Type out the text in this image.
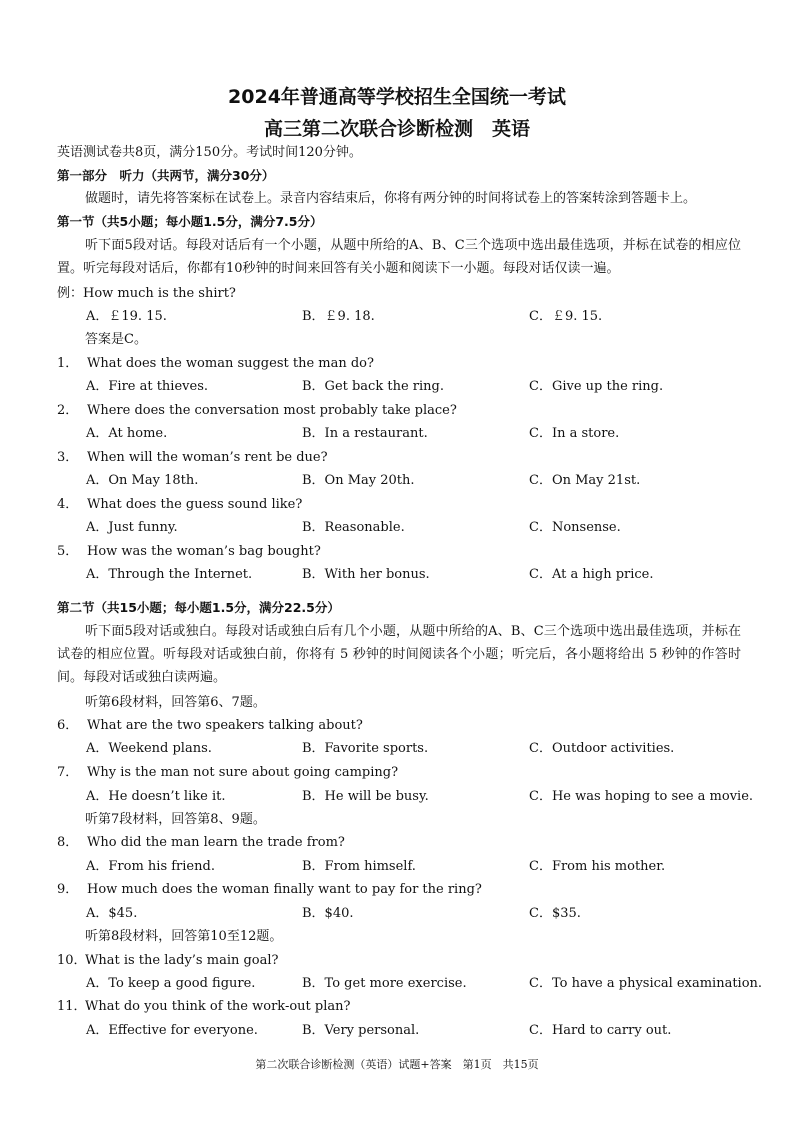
2024年普通高等学校招生全国统一考试
高三第二次联合诊断检测　英语
英语测试卷共8页，满分150分。考试时间120分钟。
第一部分　听力（共两节，满分30分）
做题时，请先将答案标在试卷上。录音内容结束后，你将有两分钟的时间将试卷上的答案转涂到答题卡上。
第一节（共5小题；每小题1.5分，满分7.5分）
听下面5段对话。每段对话后有一个小题，从题中所给的A、B、C三个选项中选出最佳选项，并标在试卷的相应位置。听完每段对话后，你都有10秒钟的时间来回答有关小题和阅读下一小题。每段对话仅读一遍。
例：How much is the shirt?
A．￡19. 15.	B．￡9. 18.	C．￡9. 15.
答案是C。
1． What does the woman suggest the man do?
A．Fire at thieves.	B．Get back the ring.	C．Give up the ring.
2． Where does the conversation most probably take place?
A．At home.	B．In a restaurant.	C．In a store.
3． When will the woman’s rent be due?
A．On May 18th.	B．On May 20th.	C．On May 21st.
4． What does the guess sound like?
A．Just funny.	B．Reasonable.	C．Nonsense.
5． How was the woman’s bag bought?
A．Through the Internet.	B．With her bonus.	C．At a high price.
第二节（共15小题；每小题1.5分，满分22.5分）
听下面5段对话或独白。每段对话或独白后有几个小题，从题中所给的A、B、C三个选项中选出最佳选项，并标在试卷的相应位置。听每段对话或独白前，你将有 5 秒钟的时间阅读各个小题；听完后，各小题将给出 5 秒钟的作答时间。每段对话或独白读两遍。
听第6段材料，回答第6、7题。
6． What are the two speakers talking about?
A．Weekend plans.	B．Favorite sports.	C．Outdoor activities.
7． Why is the man not sure about going camping?
A．He doesn’t like it.	B．He will be busy.	C．He was hoping to see a movie.
听第7段材料，回答第8、9题。
8． Who did the man learn the trade from?
A．From his friend.	B．From himself.	C．From his mother.
9． How much does the woman finally want to pay for the ring?
A．$45.	B．$40.	C．$35.
听第8段材料，回答第10至12题。
10．
What is the lady’s main goal?
A．To keep a good figure.	B．To get more exercise.	C．To have a physical examination.
11．
What do you think of the work-out plan?
A．Effective for everyone.	B．Very personal.	C．Hard to carry out.
第二次联合诊断检测（英语）试题+答案　第1页　共15页
